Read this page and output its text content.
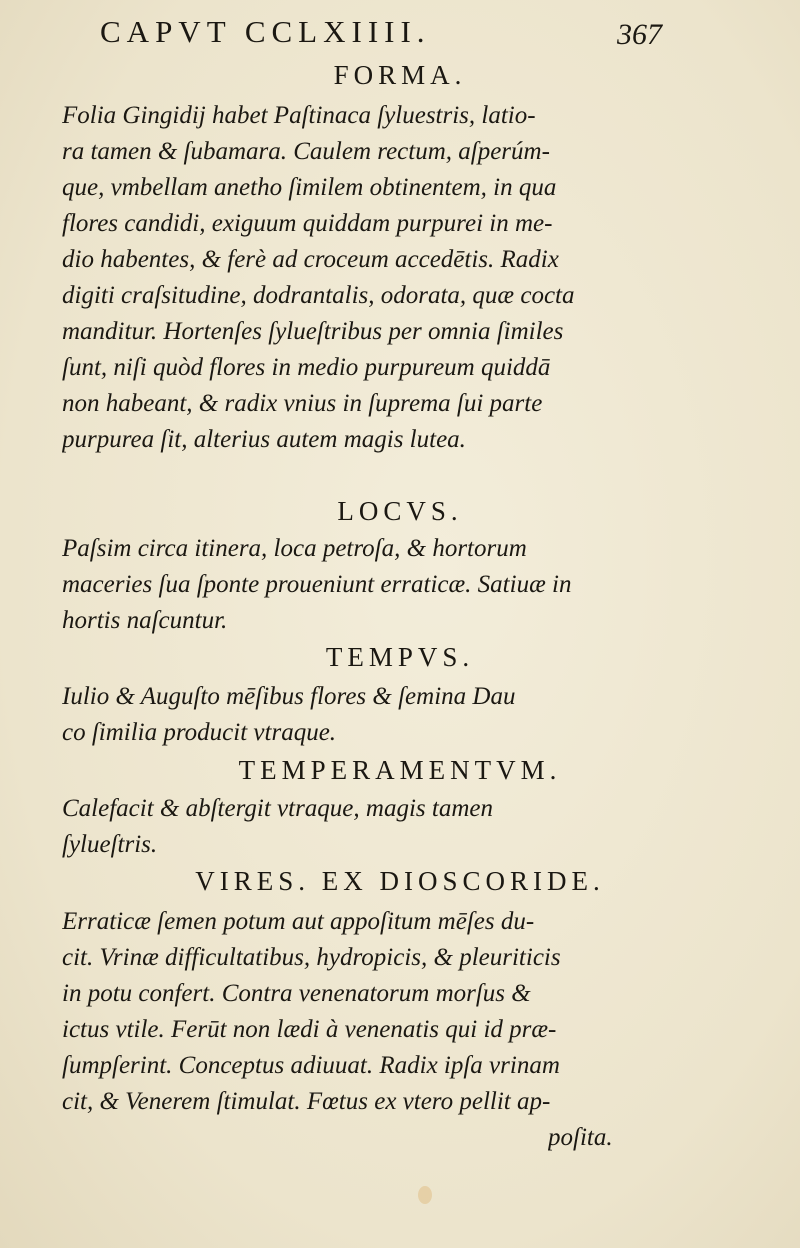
CAPVT CCLXIIII.	367
FORMA.
Folia Gingidij habet Paſtinaca ſyluestris, latio-
ra tamen & ſubamara. Caulem rectum, aſperúm-
que, vmbellam anetho ſimilem obtinentem, in qua
flores candidi, exiguum quiddam purpurei in me-
dio habentes, & ferè ad croceum accedētis. Radix
digiti craſsitudine, dodrantalis, odorata, quæ cocta
manditur. Hortenſes ſylueſtribus per omnia ſimiles
ſunt, niſi quòd flores in medio purpureum quiddā
non habeant, & radix vnius in ſuprema ſui parte
purpurea ſit, alterius autem magis lutea.
LOCVS.
Paſsim circa itinera, loca petroſa, & hortorum
maceries ſua ſponte proueniunt erraticæ. Satiuæ in
hortis naſcuntur.
TEMPVS.
Iulio & Auguſto mēſibus flores & ſemina Dau
co ſimilia producit vtraque.
TEMPERAMENTVM.
Calefacit & abſtergit vtraque, magis tamen
ſylueſtris.
VIRES. EX DIOSCORIDE.
Erraticæ ſemen potum aut appoſitum mēſes du-
cit. Vrinæ difficultatibus, hydropicis, & pleuriticis
in potu confert. Contra venenatorum morſus &
ictus vtile. Ferūt non lædi à venenatis qui id præ-
ſumpſerint. Conceptus adiuuat. Radix ipſa vrinam
cit, & Venerem ſtimulat. Fœtus ex vtero pellit ap-
poſita.
